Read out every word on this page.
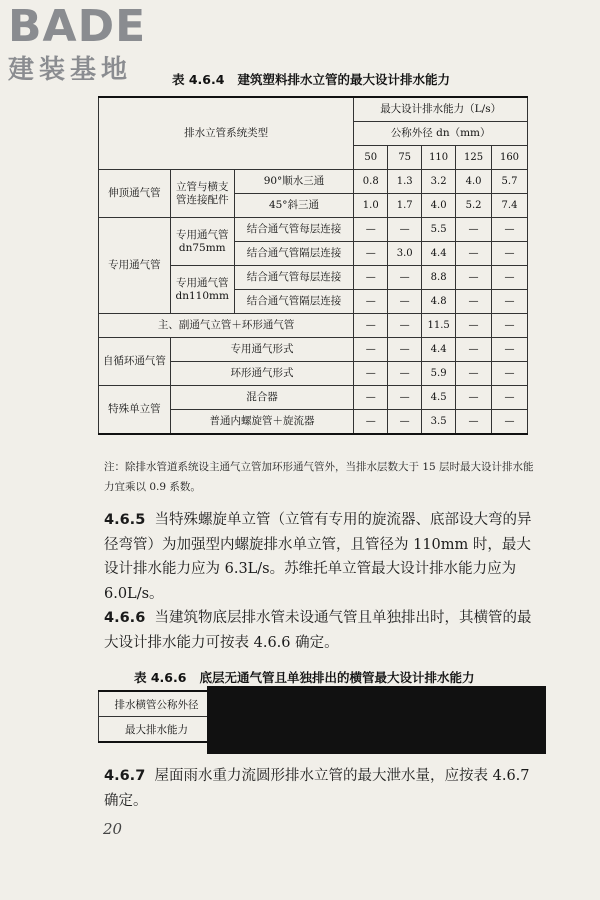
BADE
建装基地	表 4.6.4 建筑塑料排水立管的最大设计排水能力
排水立管系统类型			最大设计排水能力（L/s）				
			公称外径 dn（mm）				
			50	75	110	125	160
伸顶通气管	立管与横支管连接配件	90°顺水三通	0.8	1.3	3.2	4.0	5.7
		45°斜三通	1.0	1.7	4.0	5.2	7.4
专用通气管	专用通气管 dn75mm	结合通气管每层连接	—	—	5.5	—	—
		结合通气管隔层连接	—	3.0	4.4	—	—
	专用通气管 dn110mm	结合通气管每层连接	—	—	8.8	—	—
		结合通气管隔层连接	—	—	4.8	—	—
主、副通气立管＋环形通气管			—	—	11.5	—	—
自循环通气管	专用通气形式		—	—	4.4	—	—
	环形通气形式		—	—	5.9	—	—
特殊单立管	混合器		—	—	4.5	—	—
	普通内螺旋管＋旋流器		—	—	3.5	—	—
注：除排水管道系统设主通气立管加环形通气管外，当排水层数大于 15 层时最大设计排水能力宜乘以 0.9 系数。
4.6.5 当特殊螺旋单立管（立管有专用的旋流器、底部设大弯的异径弯管）为加强型内螺旋排水单立管，且管径为 110mm 时，最大设计排水能力应为 6.3L/s。苏维托单立管最大设计排水能力应为 6.0L/s。
4.6.6 当建筑物底层排水管未设通气管且单独排出时，其横管的最大设计排水能力可按表 4.6.6 确定。
表 4.6.6 底层无通气管且单独排出的横管最大设计排水能力
排水横管公称外径	
最大排水能力	
4.6.7 屋面雨水重力流圆形排水立管的最大泄水量，应按表 4.6.7 确定。
20
